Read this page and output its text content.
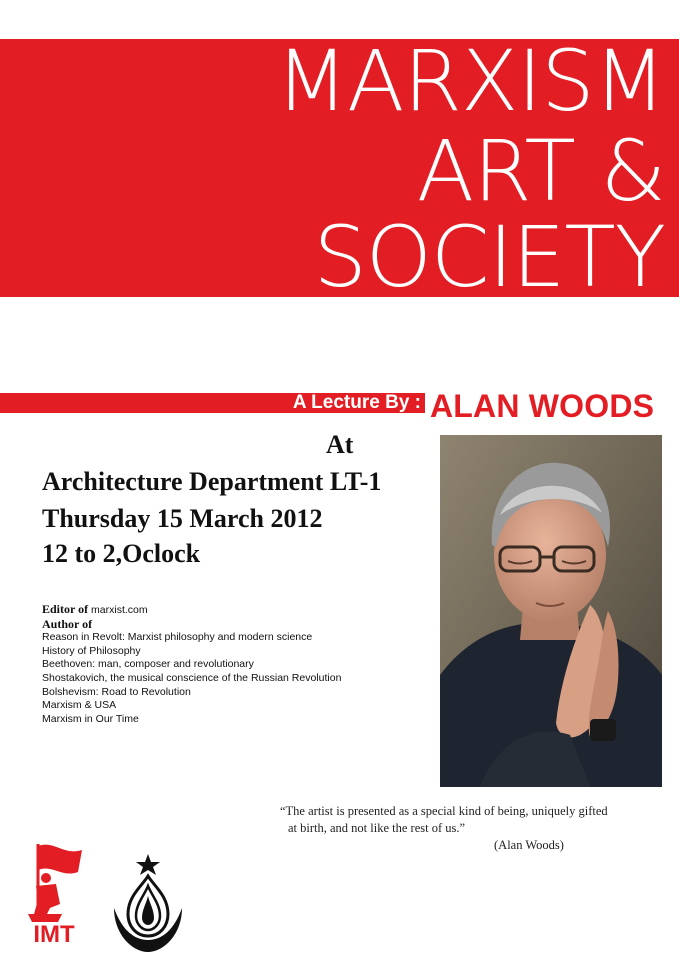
MARXISM
ART &
SOCIETY
A Lecture By : ALAN WOODS
At
Architecture Department LT-1
Thursday 15 March 2012
12 to 2,Oclock
Editor of marxist.com
Author of
Reason in Revolt: Marxist philosophy and modern science
History of Philosophy
Beethoven: man, composer and revolutionary
Shostakovich, the musical conscience of the Russian Revolution
Bolshevism: Road to Revolution
Marxism & USA
Marxism in Our Time
“The artist is presented as a special kind of being, uniquely gifted
at birth, and not like the rest of us.”
(Alan Woods)
IMT
